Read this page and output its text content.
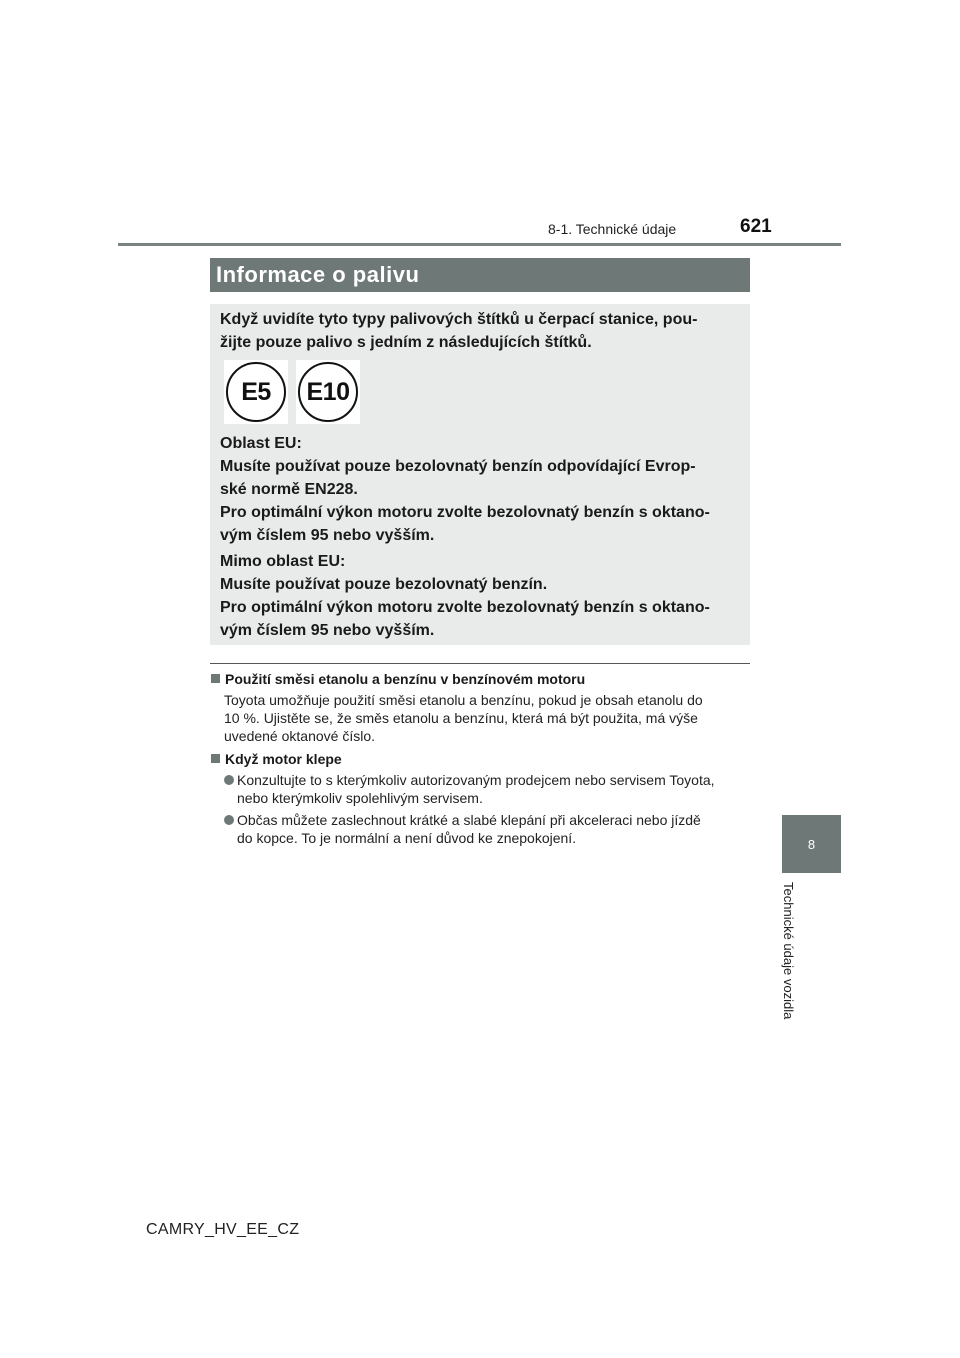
8-1. Technické údaje	621
8
Technické údaje vozidla
Informace o palivu
Když uvidíte tyto typy palivových štítků u čerpací stanice, pou-
žijte pouze palivo s jedním z následujících štítků.
Oblast EU:
Musíte používat pouze bezolovnatý benzín odpovídající Evrop-
ské normě EN228.
Pro optimální výkon motoru zvolte bezolovnatý benzín s oktano-
vým číslem 95 nebo vyšším.
Mimo oblast EU:
Musíte používat pouze bezolovnatý benzín.
Pro optimální výkon motoru zvolte bezolovnatý benzín s oktano-
vým číslem 95 nebo vyšším.
E5	E10
Použití směsi etanolu a benzínu v benzínovém motoru
Toyota umožňuje použití směsi etanolu a benzínu, pokud je obsah etanolu do
10 %. Ujistěte se, že směs etanolu a benzínu, která má být použita, má výše
uvedené oktanové číslo.
Když motor klepe
Konzultujte to s kterýmkoliv autorizovaným prodejcem nebo servisem Toyota,
nebo kterýmkoliv spolehlivým servisem.
Občas můžete zaslechnout krátké a slabé klepání při akceleraci nebo jízdě
do kopce. To je normální a není důvod ke znepokojení.
CAMRY_HV_EE_CZ
